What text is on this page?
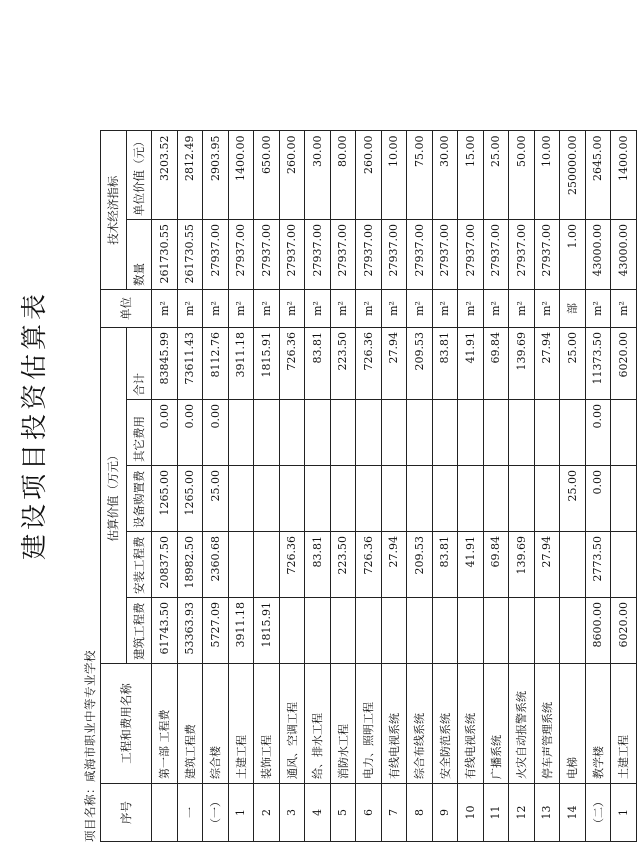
建设项目投资估算表
项目名称：咸海市职业中等专业学校
序号	工程和费用名称	估算价值（万元）					单位	技术经济指标	
		建筑工程费	安装工程费	设备购置费	其它费用	合计		数量	单位价值（元）
	第一部 工程费	61743.50	20837.50	1265.00	0.00	83845.99	m²	261730.55	3203.52
一	建筑工程费	53363.93	18982.50	1265.00	0.00	73611.43	m²	261730.55	2812.49
（一）	综合楼	5727.09	2360.68	25.00	0.00	8112.76	m²	27937.00	2903.95
1	土建工程	3911.18				3911.18	m²	27937.00	1400.00
2	装饰工程	1815.91				1815.91	m²	27937.00	650.00
3	通风、空调工程		726.36			726.36	m²	27937.00	260.00
4	给、排水工程		83.81			83.81	m²	27937.00	30.00
5	消防水工程		223.50			223.50	m²	27937.00	80.00
6	电力、照明工程		726.36			726.36	m²	27937.00	260.00
7	有线电视系统		27.94			27.94	m²	27937.00	10.00
8	综合布线系统		209.53			209.53	m²	27937.00	75.00
9	安全防范系统		83.81			83.81	m²	27937.00	30.00
10	有线电视系统		41.91			41.91	m²	27937.00	15.00
11	广播系统		69.84			69.84	m²	27937.00	25.00
12	火灾自动报警系统		139.69			139.69	m²	27937.00	50.00
13	停车声管理系统		27.94			27.94	m²	27937.00	10.00
14	电梯			25.00		25.00	部	1.00	250000.00
（二）	教学楼	8600.00	2773.50	0.00	0.00	11373.50	m²	43000.00	2645.00
1	土建工程	6020.00				6020.00	m²	43000.00	1400.00
